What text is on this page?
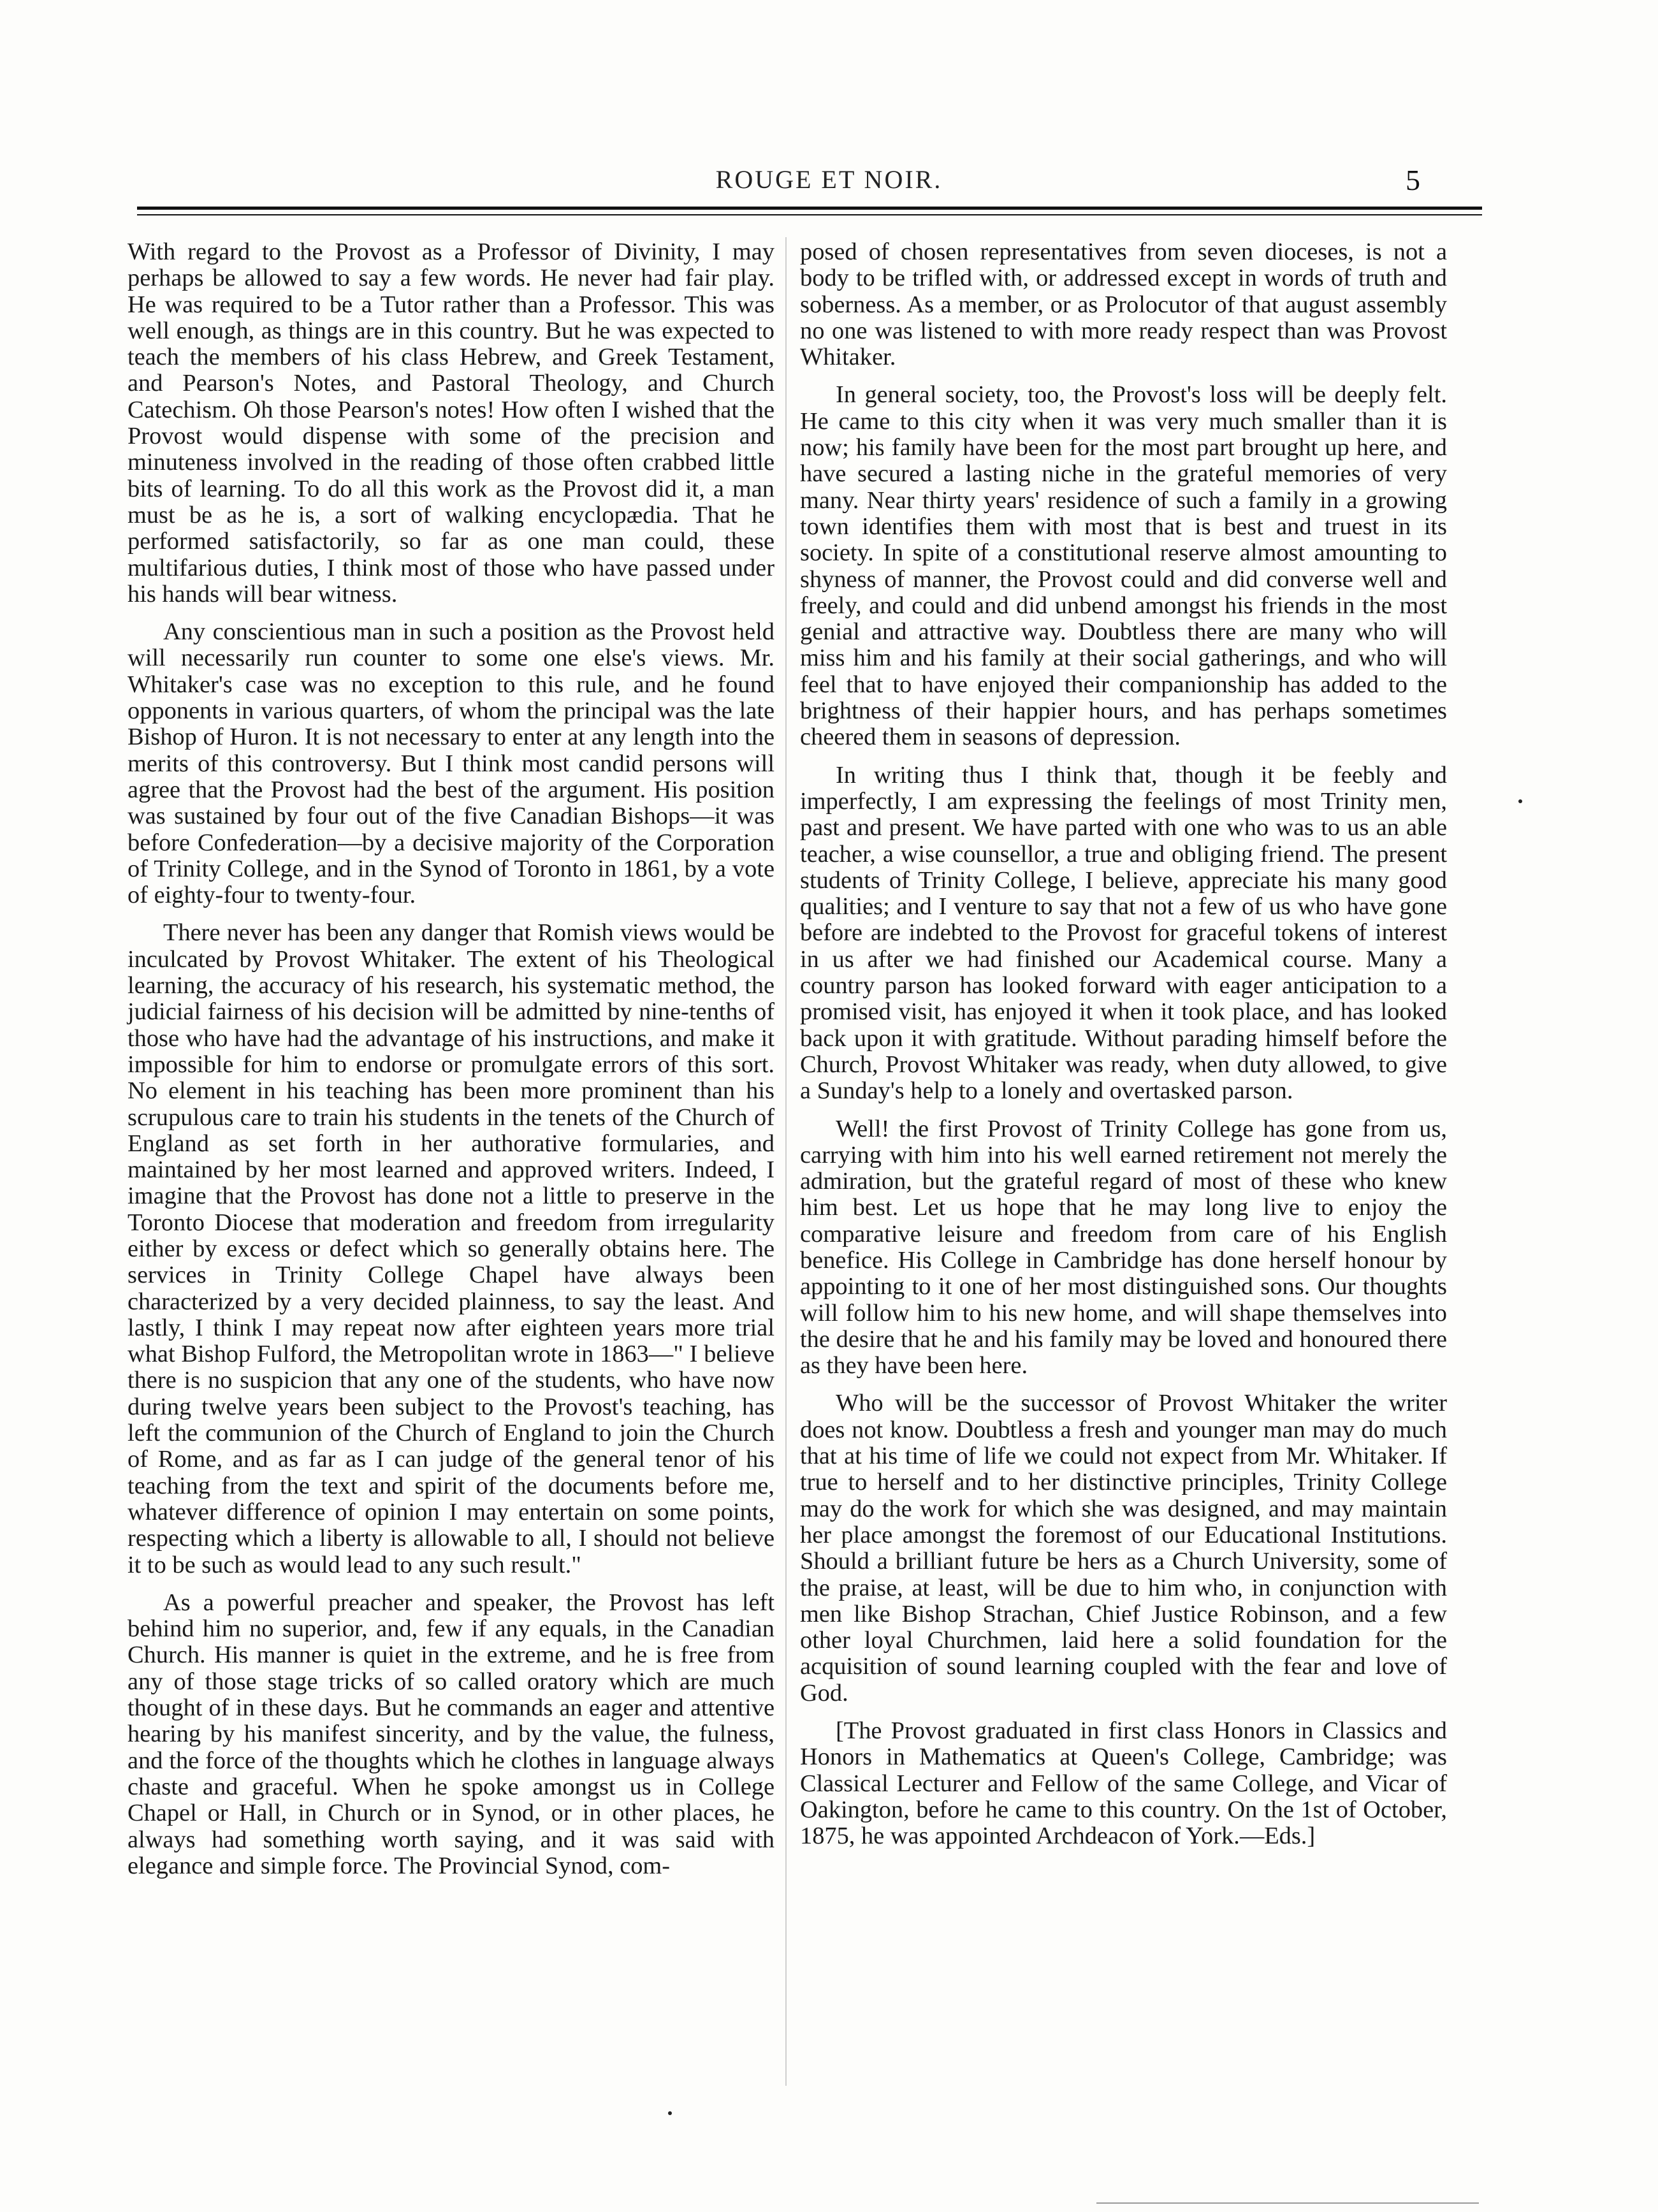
ROUGE ET NOIR.	5

With regard to the Provost as a Professor of Divinity, I may perhaps be allowed to say a few words. He never had fair play. He was required to be a Tutor rather than a Professor. This was well enough, as things are in this country. But he was expected to teach the members of his class Hebrew, and Greek Testament, and Pearson's Notes, and Pastoral Theology, and Church Catechism. Oh those Pearson's notes! How often I wished that the Provost would dispense with some of the precision and minuteness involved in the reading of those often crabbed little bits of learning. To do all this work as the Provost did it, a man must be as he is, a sort of walking encyclopædia. That he performed satisfactorily, so far as one man could, these multifarious duties, I think most of those who have passed under his hands will bear witness.

Any conscientious man in such a position as the Provost held will necessarily run counter to some one else's views. Mr. Whitaker's case was no exception to this rule, and he found opponents in various quarters, of whom the principal was the late Bishop of Huron. It is not necessary to enter at any length into the merits of this controversy. But I think most candid persons will agree that the Provost had the best of the argument. His position was sustained by four out of the five Canadian Bishops—it was before Confederation—by a decisive majority of the Corporation of Trinity College, and in the Synod of Toronto in 1861, by a vote of eighty-four to twenty-four.

There never has been any danger that Romish views would be inculcated by Provost Whitaker. The extent of his Theological learning, the accuracy of his research, his systematic method, the judicial fairness of his decision will be admitted by nine-tenths of those who have had the advantage of his instructions, and make it impossible for him to endorse or promulgate errors of this sort. No element in his teaching has been more prominent than his scrupulous care to train his students in the tenets of the Church of England as set forth in her authorative formularies, and maintained by her most learned and approved writers. Indeed, I imagine that the Provost has done not a little to preserve in the Toronto Diocese that moderation and freedom from irregularity either by excess or defect which so generally obtains here. The services in Trinity College Chapel have always been characterized by a very decided plainness, to say the least. And lastly, I think I may repeat now after eighteen years more trial what Bishop Fulford, the Metropolitan wrote in 1863—" I believe there is no suspicion that any one of the students, who have now during twelve years been subject to the Provost's teaching, has left the communion of the Church of England to join the Church of Rome, and as far as I can judge of the general tenor of his teaching from the text and spirit of the documents before me, whatever difference of opinion I may entertain on some points, respecting which a liberty is allowable to all, I should not believe it to be such as would lead to any such result."

As a powerful preacher and speaker, the Provost has left behind him no superior, and, few if any equals, in the Canadian Church. His manner is quiet in the extreme, and he is free from any of those stage tricks of so called oratory which are much thought of in these days. But he commands an eager and attentive hearing by his manifest sincerity, and by the value, the fulness, and the force of the thoughts which he clothes in language always chaste and graceful. When he spoke amongst us in College Chapel or Hall, in Church or in Synod, or in other places, he always had something worth saying, and it was said with elegance and simple force. The Provincial Synod, com-

posed of chosen representatives from seven dioceses, is not a body to be trifled with, or addressed except in words of truth and soberness. As a member, or as Prolocutor of that august assembly no one was listened to with more ready respect than was Provost Whitaker.

In general society, too, the Provost's loss will be deeply felt. He came to this city when it was very much smaller than it is now; his family have been for the most part brought up here, and have secured a lasting niche in the grateful memories of very many. Near thirty years' residence of such a family in a growing town identifies them with most that is best and truest in its society. In spite of a constitutional reserve almost amounting to shyness of manner, the Provost could and did converse well and freely, and could and did unbend amongst his friends in the most genial and attractive way. Doubtless there are many who will miss him and his family at their social gatherings, and who will feel that to have enjoyed their companionship has added to the brightness of their happier hours, and has perhaps sometimes cheered them in seasons of depression.

In writing thus I think that, though it be feebly and imperfectly, I am expressing the feelings of most Trinity men, past and present. We have parted with one who was to us an able teacher, a wise counsellor, a true and obliging friend. The present students of Trinity College, I believe, appreciate his many good qualities; and I venture to say that not a few of us who have gone before are indebted to the Provost for graceful tokens of interest in us after we had finished our Academical course. Many a country parson has looked forward with eager anticipation to a promised visit, has enjoyed it when it took place, and has looked back upon it with gratitude. Without parading himself before the Church, Provost Whitaker was ready, when duty allowed, to give a Sunday's help to a lonely and overtasked parson.

Well! the first Provost of Trinity College has gone from us, carrying with him into his well earned retirement not merely the admiration, but the grateful regard of most of these who knew him best. Let us hope that he may long live to enjoy the comparative leisure and freedom from care of his English benefice. His College in Cambridge has done herself honour by appointing to it one of her most distinguished sons. Our thoughts will follow him to his new home, and will shape themselves into the desire that he and his family may be loved and honoured there as they have been here.

Who will be the successor of Provost Whitaker the writer does not know. Doubtless a fresh and younger man may do much that at his time of life we could not expect from Mr. Whitaker. If true to herself and to her distinctive principles, Trinity College may do the work for which she was designed, and may maintain her place amongst the foremost of our Educational Institutions. Should a brilliant future be hers as a Church University, some of the praise, at least, will be due to him who, in conjunction with men like Bishop Strachan, Chief Justice Robinson, and a few other loyal Churchmen, laid here a solid foundation for the acquisition of sound learning coupled with the fear and love of God.

[The Provost graduated in first class Honors in Classics and Honors in Mathematics at Queen's College, Cambridge; was Classical Lecturer and Fellow of the same College, and Vicar of Oakington, before he came to this country. On the 1st of October, 1875, he was appointed Archdeacon of York.—Eds.]
